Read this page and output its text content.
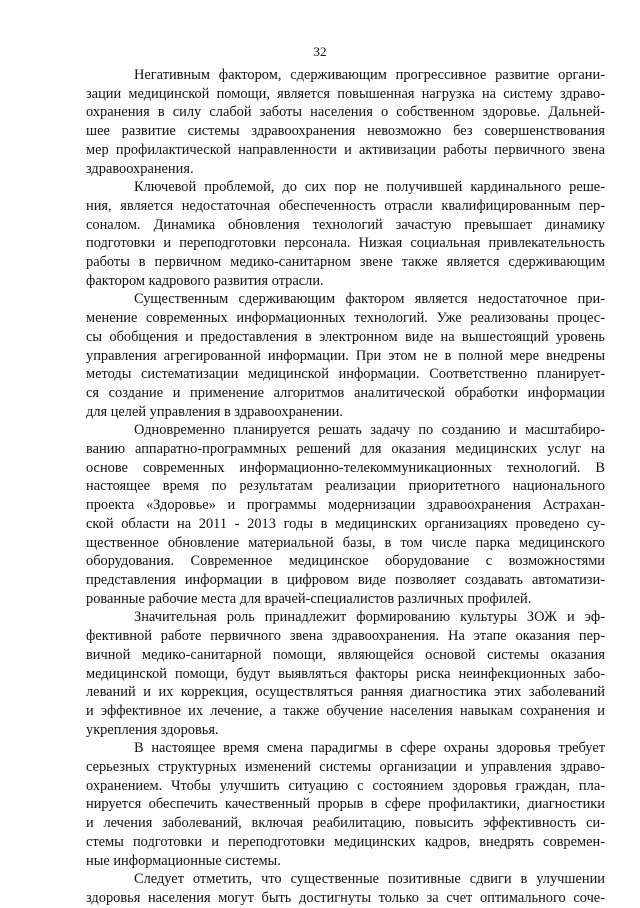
32

Негативным фактором, сдерживающим прогрессивное развитие органи-
зации медицинской помощи, является повышенная нагрузка на систему здраво-
охранения в силу слабой заботы населения о собственном здоровье. Дальней-
шее развитие системы здравоохранения невозможно без совершенствования
мер профилактической направленности и активизации работы первичного звена
здравоохранения.

Ключевой проблемой, до сих пор не получившей кардинального реше-
ния, является недостаточная обеспеченность отрасли квалифицированным пер-
соналом. Динамика обновления технологий зачастую превышает динамику
подготовки и переподготовки персонала. Низкая социальная привлекательность
работы в первичном медико-санитарном звене также является сдерживающим
фактором кадрового развития отрасли.

Существенным сдерживающим фактором является недостаточное при-
менение современных информационных технологий. Уже реализованы процес-
сы обобщения и предоставления в электронном виде на вышестоящий уровень
управления агрегированной информации. При этом не в полной мере внедрены
методы систематизации медицинской информации. Соответственно планирует-
ся создание и применение алгоритмов аналитической обработки информации
для целей управления в здравоохранении.

Одновременно планируется решать задачу по созданию и масштабиро-
ванию аппаратно-программных решений для оказания медицинских услуг на
основе современных информационно-телекоммуникационных технологий. В
настоящее время по результатам реализации приоритетного национального
проекта «Здоровье» и программы модернизации здравоохранения Астрахан-
ской области на 2011 - 2013 годы в медицинских организациях проведено су-
щественное обновление материальной базы, в том числе парка медицинского
оборудования. Современное медицинское оборудование с возможностями
представления информации в цифровом виде позволяет создавать автоматизи-
рованные рабочие места для врачей-специалистов различных профилей.

Значительная роль принадлежит формированию культуры ЗОЖ и эф-
фективной работе первичного звена здравоохранения. На этапе оказания пер-
вичной медико-санитарной помощи, являющейся основой системы оказания
медицинской помощи, будут выявляться факторы риска неинфекционных забо-
леваний и их коррекция, осуществляться ранняя диагностика этих заболеваний
и эффективное их лечение, а также обучение населения навыкам сохранения и
укрепления здоровья.

В настоящее время смена парадигмы в сфере охраны здоровья требует
серьезных структурных изменений системы организации и управления здраво-
охранением. Чтобы улучшить ситуацию с состоянием здоровья граждан, пла-
нируется обеспечить качественный прорыв в сфере профилактики, диагностики
и лечения заболеваний, включая реабилитацию, повысить эффективность си-
стемы подготовки и переподготовки медицинских кадров, внедрять современ-
ные информационные системы.

Следует отметить, что существенные позитивные сдвиги в улучшении
здоровья населения могут быть достигнуты только за счет оптимального соче-
